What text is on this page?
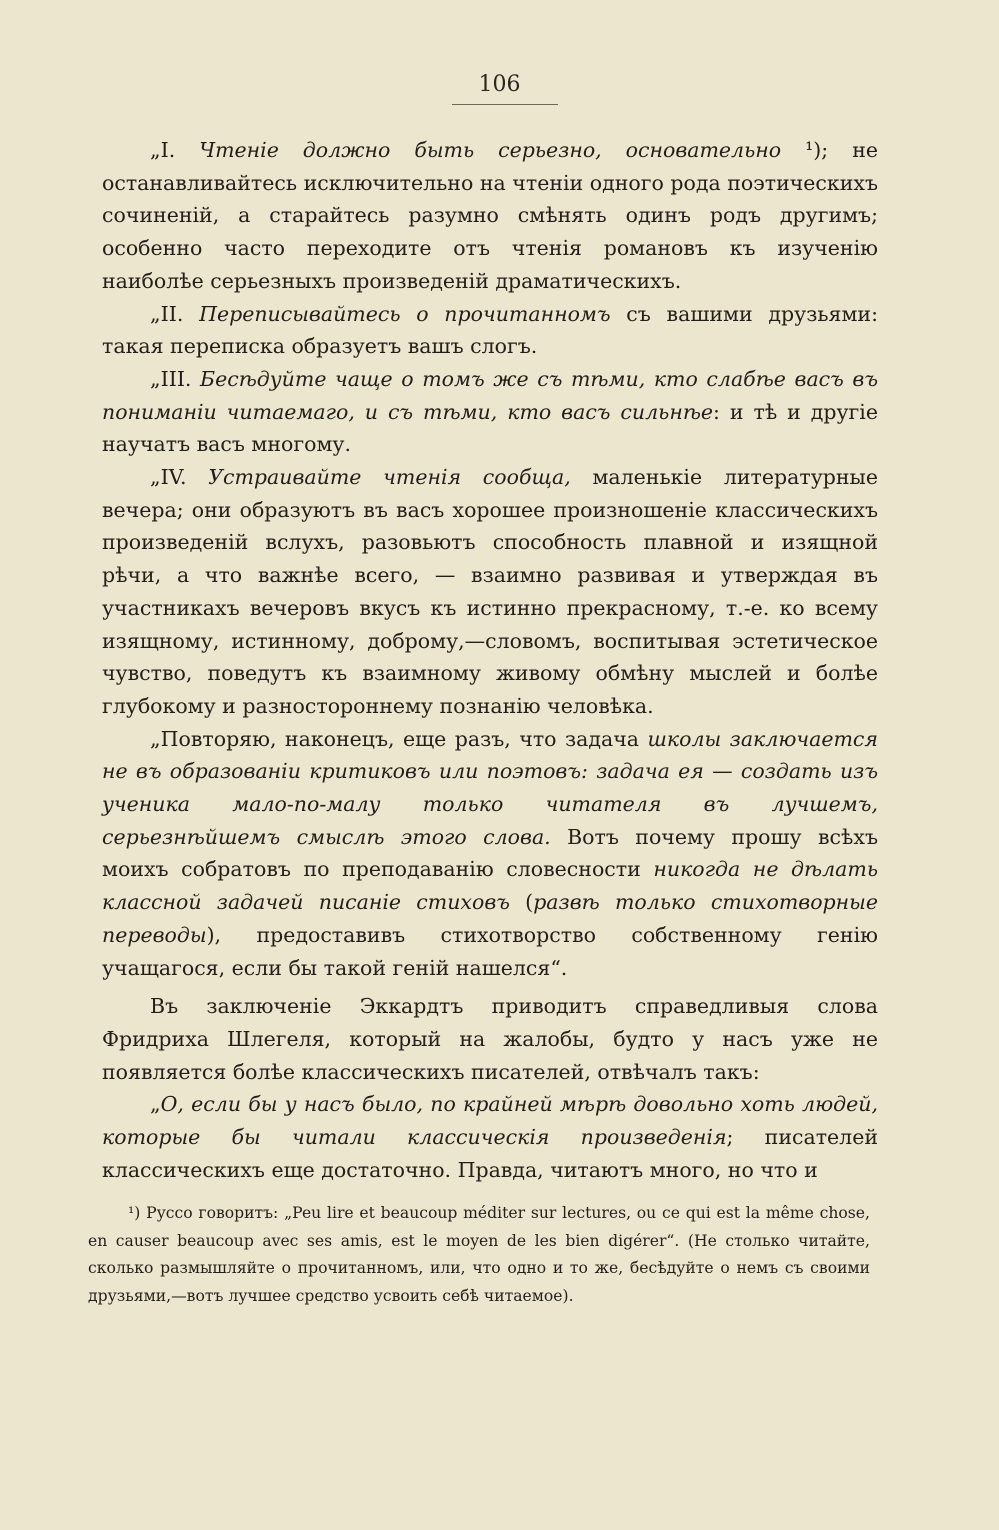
106

„I. Чтеніе должно быть серьезно, основательно ¹); не останавливайтесь исключительно на чтеніи одного рода поэтическихъ сочиненій, а старайтесь разумно смѣнять одинъ родъ другимъ; особенно часто переходите отъ чтенія романовъ къ изученію наиболѣе серьезныхъ произведеній драматическихъ.

„II. Переписывайтесь о прочитанномъ съ вашими друзьями: такая переписка образуетъ вашъ слогъ.

„III. Бесѣдуйте чаще о томъ же съ тѣми, кто слабѣе васъ въ пониманіи читаемаго, и съ тѣми, кто васъ сильнѣе: и тѣ и другіе научатъ васъ многому.

„IV. Устраивайте чтенія сообща, маленькіе литературные вечера; они образуютъ въ васъ хорошее произношеніе классическихъ произведеній вслухъ, разовьютъ способность плавной и изящной рѣчи, а что важнѣе всего, — взаимно развивая и утверждая въ участникахъ вечеровъ вкусъ къ истинно прекрасному, т.-е. ко всему изящному, истинному, доброму,—словомъ, воспитывая эстетическое чувство, поведутъ къ взаимному живому обмѣну мыслей и болѣе глубокому и разностороннему познанію человѣка.

„Повторяю, наконецъ, еще разъ, что задача школы заключается не въ образованіи критиковъ или поэтовъ: задача ея — создать изъ ученика мало-по-малу только читателя въ лучшемъ, серьезнѣйшемъ смыслѣ этого слова. Вотъ почему прошу всѣхъ моихъ собратовъ по преподаванію словесности никогда не дѣлать классной задачей писаніе стиховъ (развѣ только стихотворные переводы), предоставивъ стихотворство собственному генію учащагося, если бы такой геній нашелся“.

Въ заключеніе Эккардтъ приводитъ справедливыя слова Фридриха Шлегеля, который на жалобы, будто у насъ уже не появляется болѣе классическихъ писателей, отвѣчалъ такъ:

„О, если бы у насъ было, по крайней мѣрѣ довольно хоть людей, которые бы читали классическія произведенія; писателей классическихъ еще достаточно. Правда, читаютъ много, но что и

¹) Руссо говоритъ: „Peu lire et beaucoup méditer sur lectures, ou ce qui est la même chose, en causer beaucoup avec ses amis, est le moyen de les bien digérer“. (Не столько читайте, сколько размышляйте о прочитанномъ, или, что одно и то же, бесѣдуйте о немъ съ своими друзьями,—вотъ лучшее средство усвоить себѣ читаемое).
